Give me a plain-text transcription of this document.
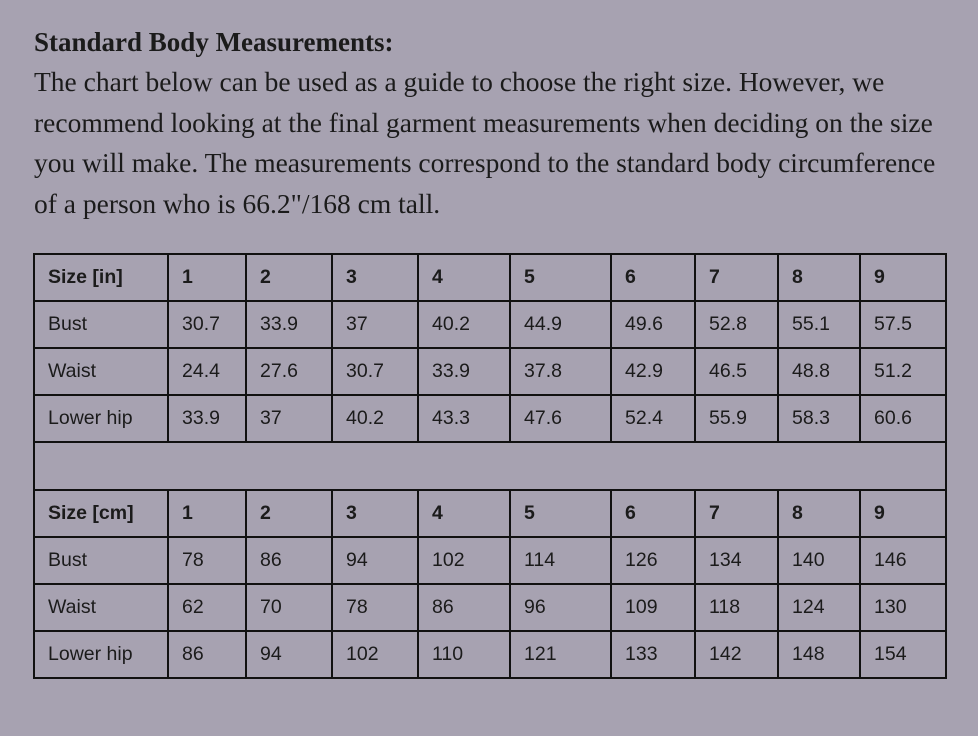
Standard Body Measurements:

The chart below can be used as a guide to choose the right size. However, we recommend looking at the final garment measurements when deciding on the size you will make. The measurements correspond to the standard body circumference of a person who is 66.2"/168 cm tall.

Size [in]	1	2	3	4	5	6	7	8	9
Bust	30.7	33.9	37	40.2	44.9	49.6	52.8	55.1	57.5
Waist	24.4	27.6	30.7	33.9	37.8	42.9	46.5	48.8	51.2
Lower hip	33.9	37	40.2	43.3	47.6	52.4	55.9	58.3	60.6

Size [cm]	1	2	3	4	5	6	7	8	9
Bust	78	86	94	102	114	126	134	140	146
Waist	62	70	78	86	96	109	118	124	130
Lower hip	86	94	102	110	121	133	142	148	154
